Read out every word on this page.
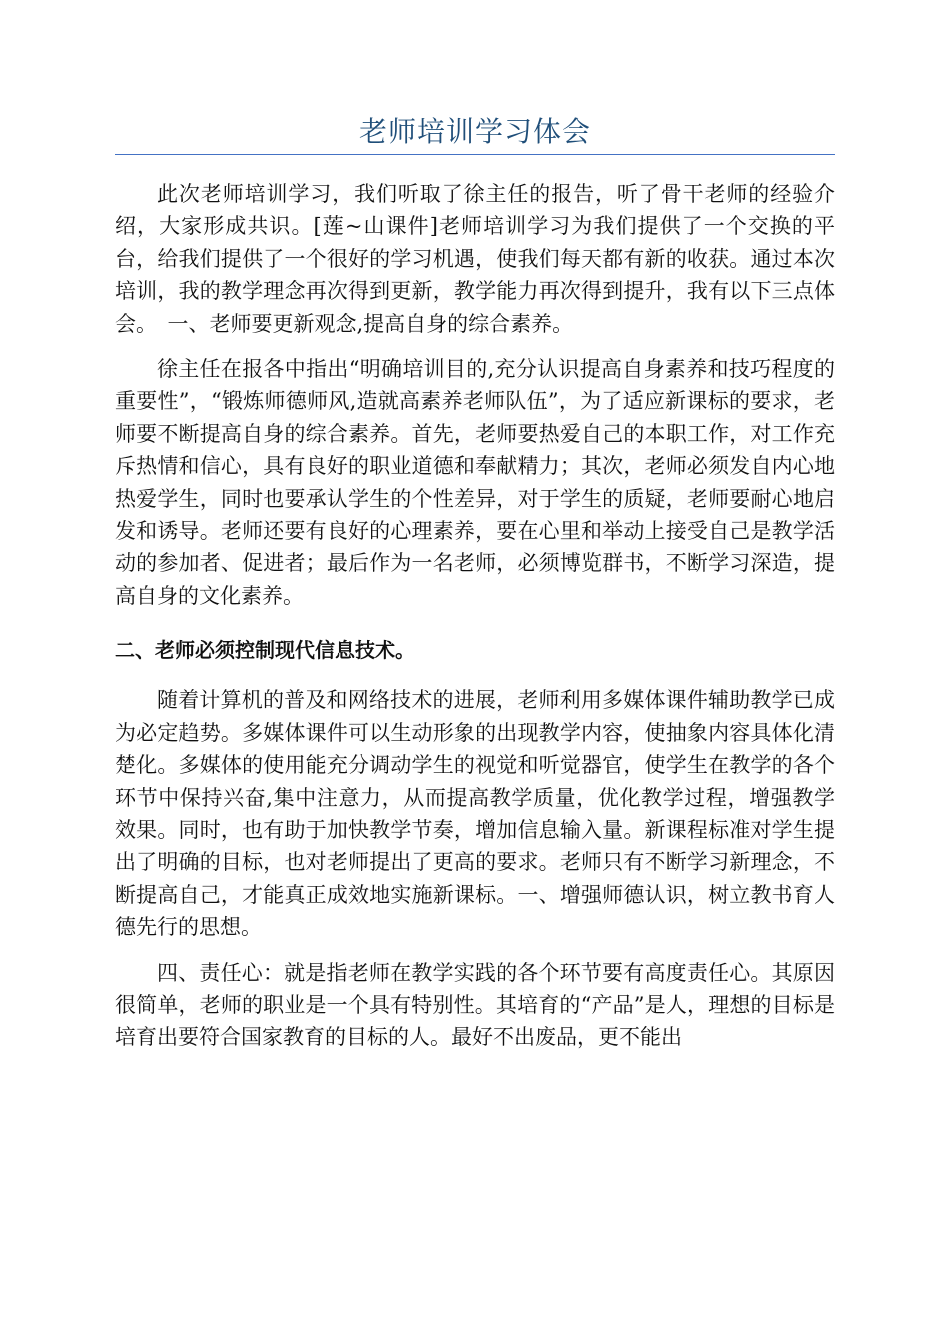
老师培训学习体会

此次老师培训学习，我们听取了徐主任的报告，听了骨干老师的经验介绍，大家形成共识。[莲~山课件]老师培训学习为我们提供了一个交换的平台，给我们提供了一个很好的学习机遇，使我们每天都有新的收获。通过本次培训，我的教学理念再次得到更新，教学能力再次得到提升，我有以下三点体会。　一、老师要更新观念,提高自身的综合素养。

徐主任在报各中指出“明确培训目的,充分认识提高自身素养和技巧程度的重要性”，“锻炼师德师风,造就高素养老师队伍”，为了适应新课标的要求，老师要不断提高自身的综合素养。首先，老师要热爱自己的本职工作，对工作充斥热情和信心，具有良好的职业道德和奉献精力；其次，老师必须发自内心地热爱学生，同时也要承认学生的个性差异，对于学生的质疑，老师要耐心地启发和诱导。老师还要有良好的心理素养，要在心里和举动上接受自己是教学活动的参加者、促进者；最后作为一名老师，必须博览群书，不断学习深造，提高自身的文化素养。

二、老师必须控制现代信息技术。

随着计算机的普及和网络技术的进展，老师利用多媒体课件辅助教学已成为必定趋势。多媒体课件可以生动形象的出现教学内容，使抽象内容具体化清楚化。多媒体的使用能充分调动学生的视觉和听觉器官，使学生在教学的各个环节中保持兴奋,集中注意力，从而提高教学质量，优化教学过程，增强教学效果。同时，也有助于加快教学节奏，增加信息输入量。新课程标准对学生提出了明确的目标，也对老师提出了更高的要求。老师只有不断学习新理念，不断提高自己，才能真正成效地实施新课标。一、增强师德认识，树立教书育人德先行的思想。

四、责任心：就是指老师在教学实践的各个环节要有高度责任心。其原因很简单，老师的职业是一个具有特别性。其培育的“产品”是人，理想的目标是培育出要符合国家教育的目标的人。最好不出废品，更不能出
